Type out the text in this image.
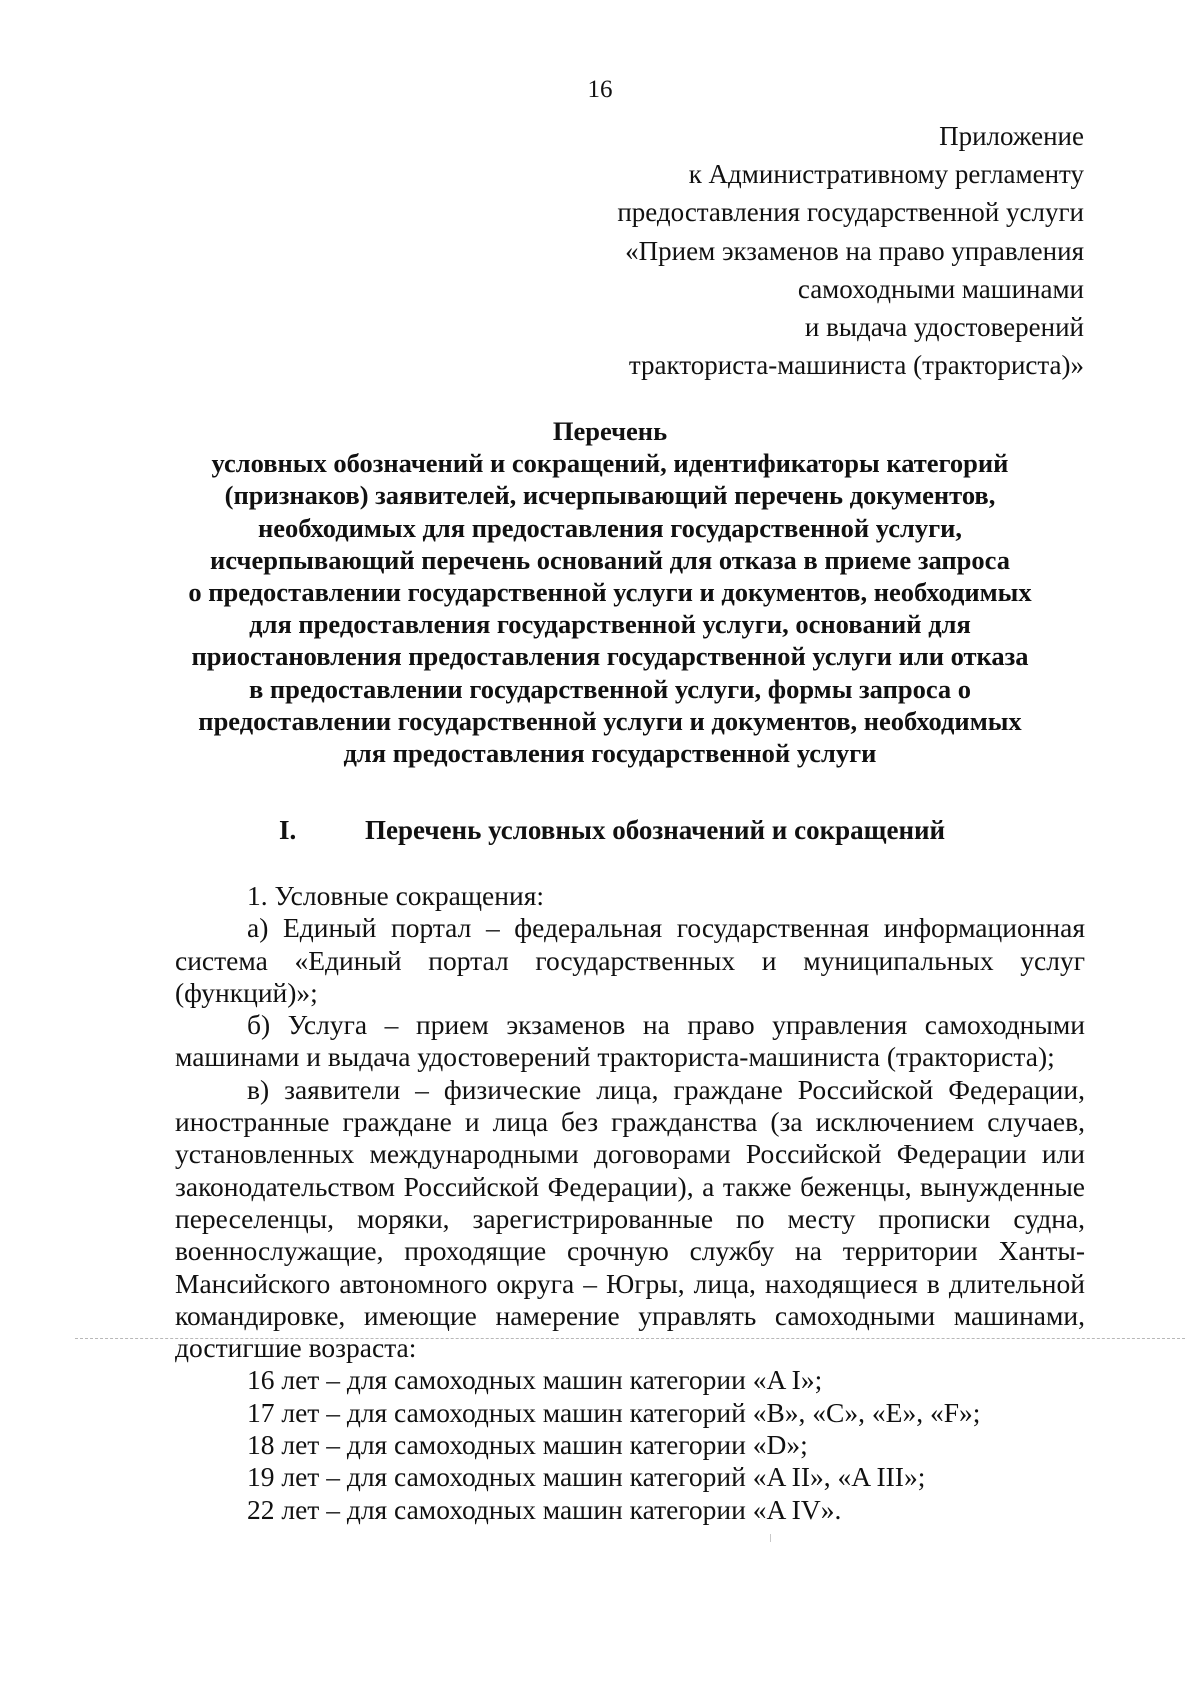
16
Приложение
к Административному регламенту
предоставления государственной услуги
«Прием экзаменов на право управления
самоходными машинами
и выдача удостоверений
тракториста-машиниста (тракториста)»
Перечень
условных обозначений и сокращений, идентификаторы категорий
(признаков) заявителей, исчерпывающий перечень документов,
необходимых для предоставления государственной услуги,
исчерпывающий перечень оснований для отказа в приеме запроса
о предоставлении государственной услуги и документов, необходимых
для предоставления государственной услуги, оснований для
приостановления предоставления государственной услуги или отказа
в предоставлении государственной услуги, формы запроса о
предоставлении государственной услуги и документов, необходимых
для предоставления государственной услуги
I.	Перечень условных обозначений и сокращений

1. Условные сокращения:

а) Единый портал – федеральная государственная информационная система «Единый портал государственных и муниципальных услуг (функций)»;

б) Услуга – прием экзаменов на право управления самоходными машинами и выдача удостоверений тракториста-машиниста (тракториста);

в) заявители – физические лица, граждане Российской Федерации, иностранные граждане и лица без гражданства (за исключением случаев, установленных международными договорами Российской Федерации или законодательством Российской Федерации), а также беженцы, вынужденные переселенцы, моряки, зарегистрированные по месту прописки судна, военнослужащие, проходящие срочную службу на территории Ханты-Мансийского автономного округа – Югры, лица, находящиеся в длительной командировке, имеющие намерение управлять самоходными машинами, достигшие возраста:

16 лет – для самоходных машин категории «A I»;

17 лет – для самоходных машин категорий «B», «C», «E», «F»;

18 лет – для самоходных машин категории «D»;

19 лет – для самоходных машин категорий «A II», «A III»;

22 лет – для самоходных машин категории «A IV».
